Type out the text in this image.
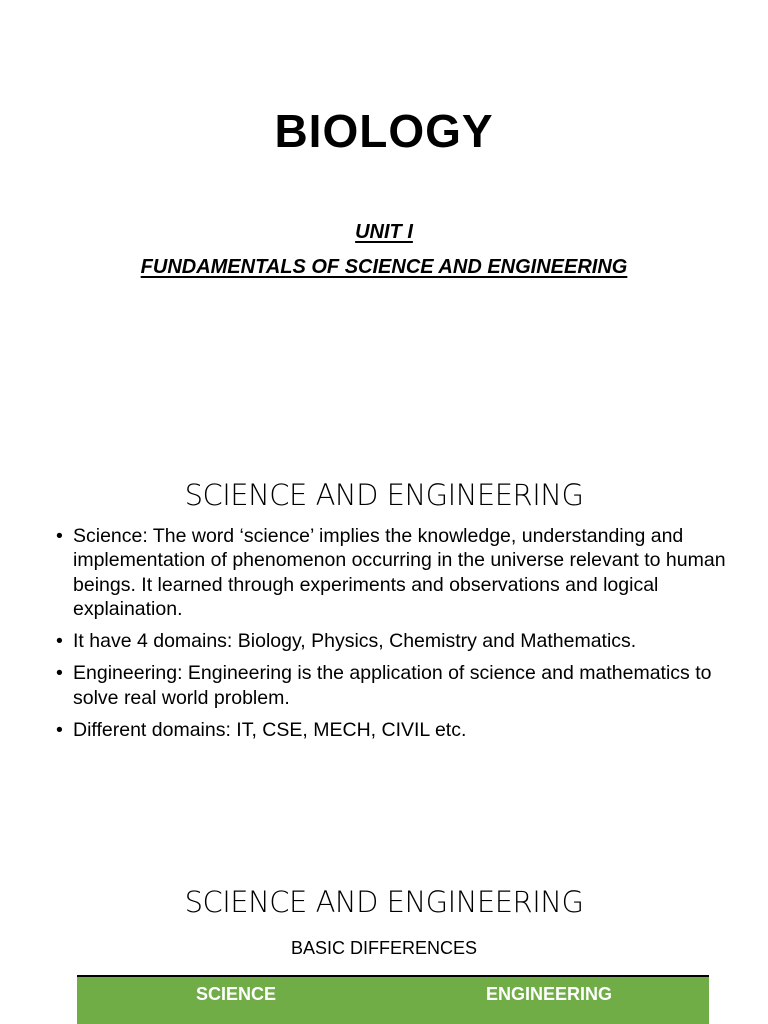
BIOLOGY
UNIT I
FUNDAMENTALS OF SCIENCE AND ENGINEERING
SCIENCE AND ENGINEERING
• Science: The word ‘science’ implies the knowledge, understanding and implementation of phenomenon occurring in the universe relevant to human beings. It learned through experiments and observations and logical explaination.
• It have 4 domains: Biology, Physics, Chemistry and Mathematics.
• Engineering: Engineering is the application of science and mathematics to solve real world problem.
• Different domains: IT, CSE, MECH, CIVIL etc.
SCIENCE AND ENGINEERING
BASIC DIFFERENCES
SCIENCE	ENGINEERING
